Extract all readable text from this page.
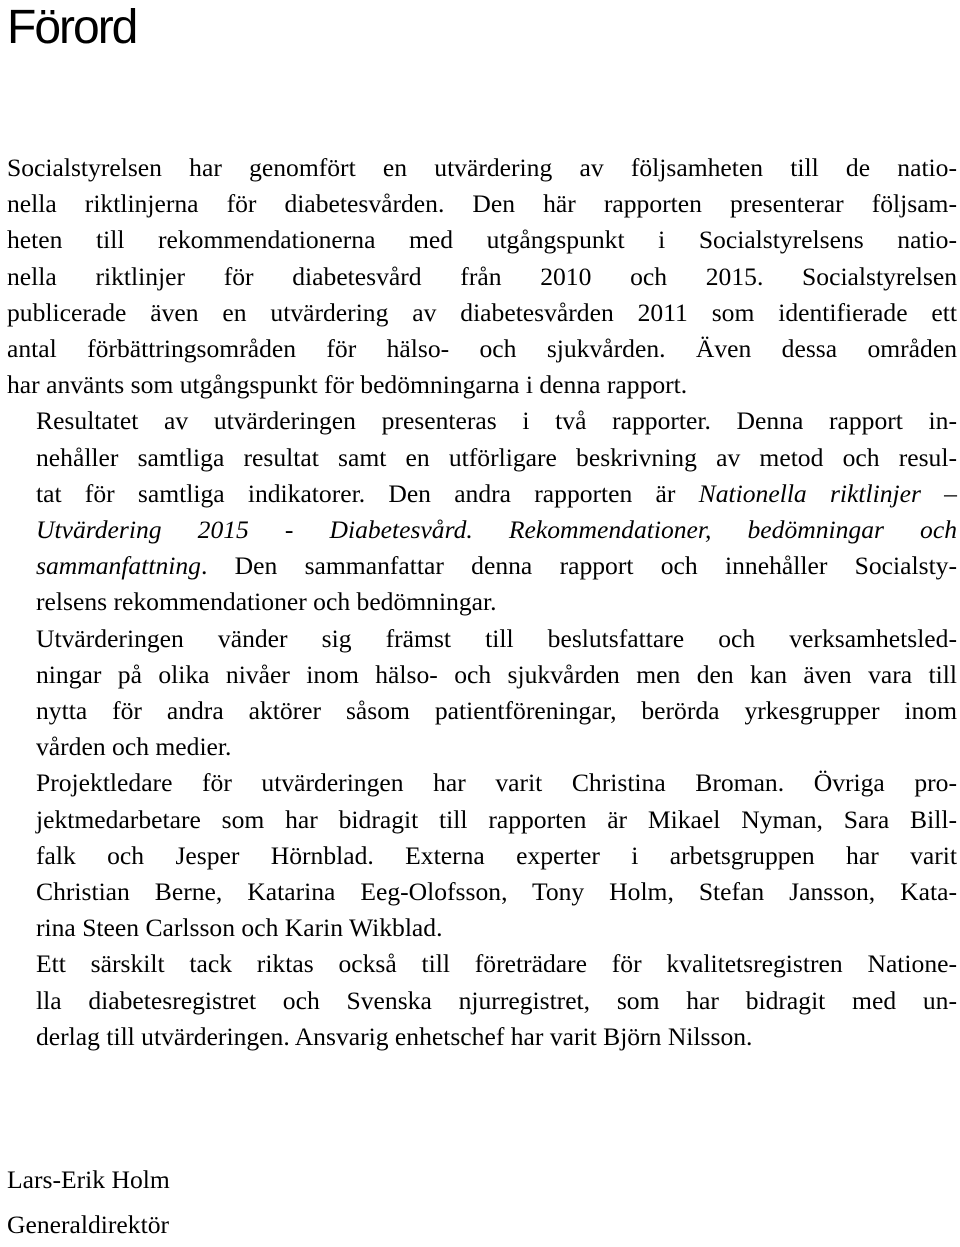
Förord

Socialstyrelsen har genomfört en utvärdering av följsamheten till de natio-
nella riktlinjerna för diabetesvården. Den här rapporten presenterar följsam-
heten till rekommendationerna med utgångspunkt i Socialstyrelsens natio-
nella riktlinjer för diabetesvård från 2010 och 2015. Socialstyrelsen
publicerade även en utvärdering av diabetesvården 2011 som identifierade ett
antal förbättringsområden för hälso- och sjukvården. Även dessa områden
har använts som utgångspunkt för bedömningarna i denna rapport.

Resultatet av utvärderingen presenteras i två rapporter. Denna rapport in-
nehåller samtliga resultat samt en utförligare beskrivning av metod och resul-
tat för samtliga indikatorer. Den andra rapporten är Nationella riktlinjer –
Utvärdering 2015 - Diabetesvård. Rekommendationer, bedömningar och
sammanfattning. Den sammanfattar denna rapport och innehåller Socialsty-
relsens rekommendationer och bedömningar.

Utvärderingen vänder sig främst till beslutsfattare och verksamhetsled-
ningar på olika nivåer inom hälso- och sjukvården men den kan även vara till
nytta för andra aktörer såsom patientföreningar, berörda yrkesgrupper inom
vården och medier.

Projektledare för utvärderingen har varit Christina Broman. Övriga pro-
jektmedarbetare som har bidragit till rapporten är Mikael Nyman, Sara Bill-
falk och Jesper Hörnblad. Externa experter i arbetsgruppen har varit
Christian Berne, Katarina Eeg-Olofsson, Tony Holm, Stefan Jansson, Kata-
rina Steen Carlsson och Karin Wikblad.

Ett särskilt tack riktas också till företrädare för kvalitetsregistren Natione-
lla diabetesregistret och Svenska njurregistret, som har bidragit med un-
derlag till utvärderingen. Ansvarig enhetschef har varit Björn Nilsson.

Lars-Erik Holm
Generaldirektör
